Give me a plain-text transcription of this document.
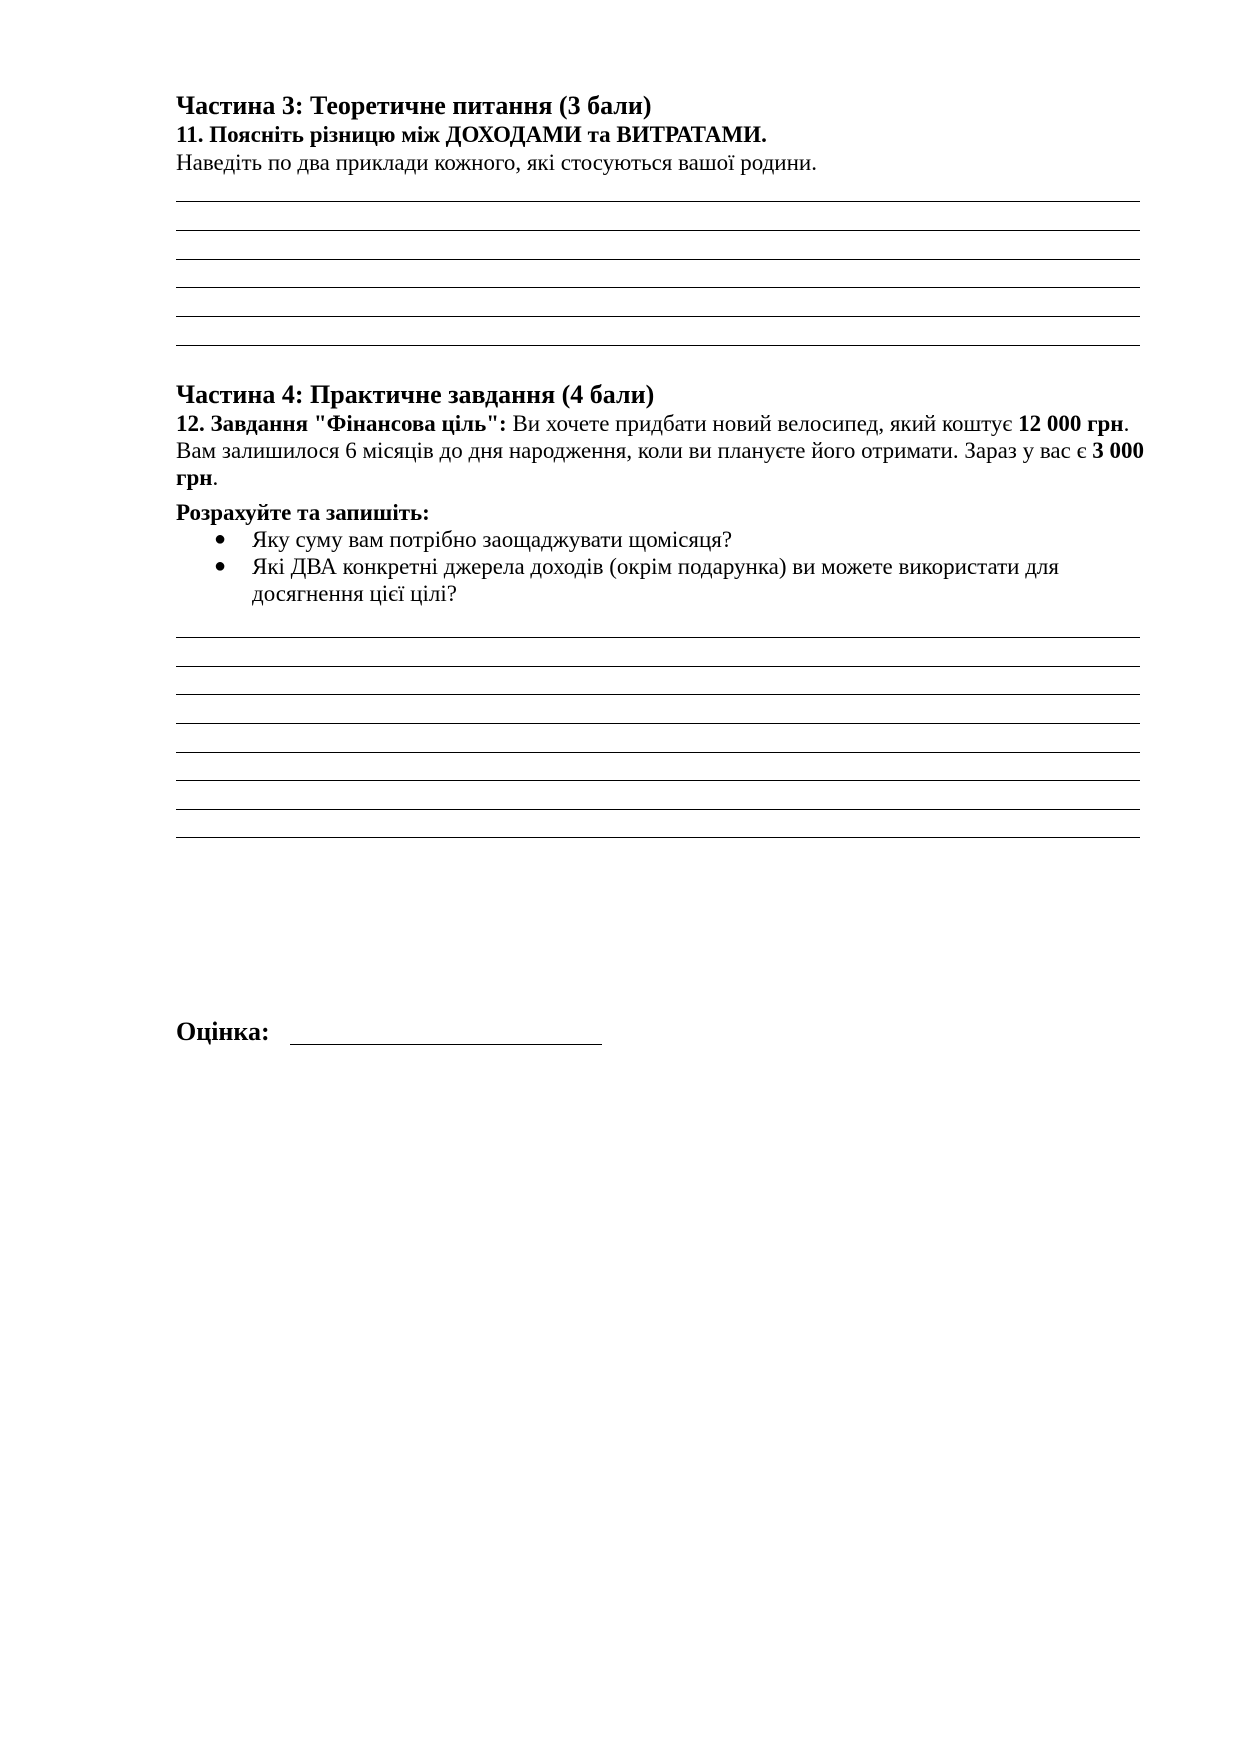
Частина 3: Теоретичне питання (3 бали)
11. Поясніть різницю між ДОХОДАМИ та ВИТРАТАМИ.
Наведіть по два приклади кожного, які стосуються вашої родини.
Частина 4: Практичне завдання (4 бали)
12. Завдання "Фінансова ціль": Ви хочете придбати новий велосипед, який коштує 12 000 грн. Вам залишилося 6 місяців до дня народження, коли ви плануєте його отримати. Зараз у вас є 3 000 грн.
Розрахуйте та запишіть:
●	Яку суму вам потрібно заощаджувати щомісяця?
●	Які ДВА конкретні джерела доходів (окрім подарунка) ви можете використати для досягнення цієї цілі?
Оцінка:
